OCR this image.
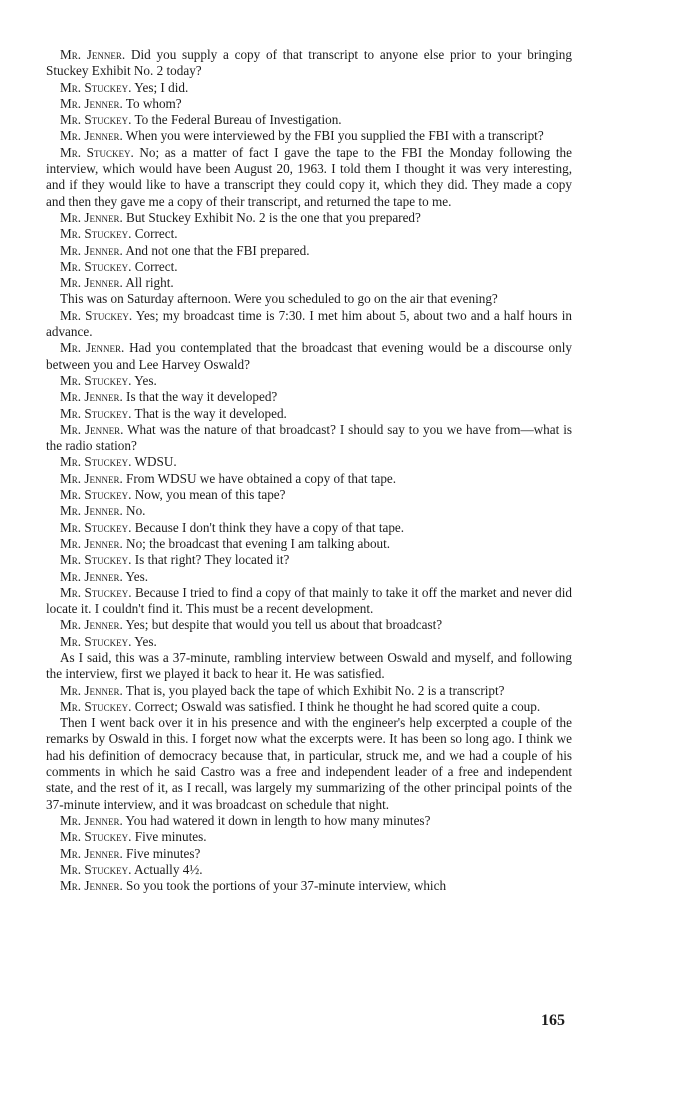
Mr. Jenner. Did you supply a copy of that transcript to anyone else prior to your bringing Stuckey Exhibit No. 2 today?

Mr. Stuckey. Yes; I did.

Mr. Jenner. To whom?

Mr. Stuckey. To the Federal Bureau of Investigation.

Mr. Jenner. When you were interviewed by the FBI you supplied the FBI with a transcript?

Mr. Stuckey. No; as a matter of fact I gave the tape to the FBI the Monday following the interview, which would have been August 20, 1963. I told them I thought it was very interesting, and if they would like to have a transcript they could copy it, which they did. They made a copy and then they gave me a copy of their transcript, and returned the tape to me.

Mr. Jenner. But Stuckey Exhibit No. 2 is the one that you prepared?

Mr. Stuckey. Correct.

Mr. Jenner. And not one that the FBI prepared.

Mr. Stuckey. Correct.

Mr. Jenner. All right.

This was on Saturday afternoon. Were you scheduled to go on the air that evening?

Mr. Stuckey. Yes; my broadcast time is 7:30. I met him about 5, about two and a half hours in advance.

Mr. Jenner. Had you contemplated that the broadcast that evening would be a discourse only between you and Lee Harvey Oswald?

Mr. Stuckey. Yes.

Mr. Jenner. Is that the way it developed?

Mr. Stuckey. That is the way it developed.

Mr. Jenner. What was the nature of that broadcast? I should say to you we have from—what is the radio station?

Mr. Stuckey. WDSU.

Mr. Jenner. From WDSU we have obtained a copy of that tape.

Mr. Stuckey. Now, you mean of this tape?

Mr. Jenner. No.

Mr. Stuckey. Because I don't think they have a copy of that tape.

Mr. Jenner. No; the broadcast that evening I am talking about.

Mr. Stuckey. Is that right? They located it?

Mr. Jenner. Yes.

Mr. Stuckey. Because I tried to find a copy of that mainly to take it off the market and never did locate it. I couldn't find it. This must be a recent development.

Mr. Jenner. Yes; but despite that would you tell us about that broadcast?

Mr. Stuckey. Yes.

As I said, this was a 37-minute, rambling interview between Oswald and myself, and following the interview, first we played it back to hear it. He was satisfied.

Mr. Jenner. That is, you played back the tape of which Exhibit No. 2 is a transcript?

Mr. Stuckey. Correct; Oswald was satisfied. I think he thought he had scored quite a coup.

Then I went back over it in his presence and with the engineer's help excerpted a couple of the remarks by Oswald in this. I forget now what the excerpts were. It has been so long ago. I think we had his definition of democracy because that, in particular, struck me, and we had a couple of his comments in which he said Castro was a free and independent leader of a free and independent state, and the rest of it, as I recall, was largely my summarizing of the other principal points of the 37-minute interview, and it was broadcast on schedule that night.

Mr. Jenner. You had watered it down in length to how many minutes?

Mr. Stuckey. Five minutes.

Mr. Jenner. Five minutes?

Mr. Stuckey. Actually 4½.

Mr. Jenner. So you took the portions of your 37-minute interview, which

165
